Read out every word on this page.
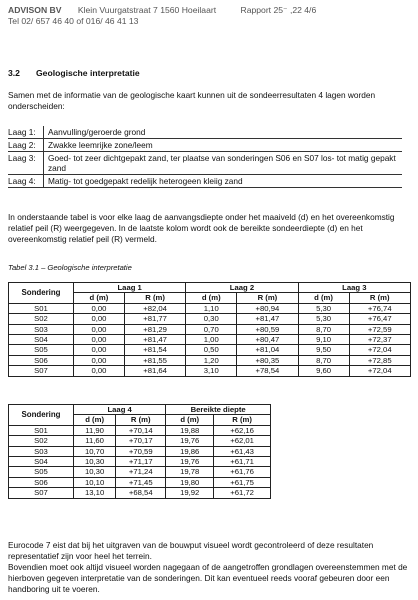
ADVISON BV Klein Vuurgatstraat 7 1560 Hoeilaart	Rapport 25⁻ ,22 4/6
Tel 02/ 657 46 40 of 016/ 46 41 13
3.2 Geologische interpretatie
Samen met de informatie van de geologische kaart kunnen uit de sondeerresultaten 4 lagen worden onderscheiden:
Laag 1:	Aanvulling/geroerde grond
Laag 2:	Zwakke leemrijke zone/leem
Laag 3:	Goed- tot zeer dichtgepakt zand, ter plaatse van sonderingen S06 en S07 los- tot matig gepakt zand
Laag 4:	Matig- tot goedgepakt redelijk heterogeen kleiig zand
In onderstaande tabel is voor elke laag de aanvangsdiepte onder het maaiveld (d) en het overeenkomstig relatief peil (R) weergegeven. In de laatste kolom wordt ook de bereikte sondeerdiepte (d) en het overeenkomstig relatief peil (R) vermeld.
Tabel 3.1 – Geologische interpretatie
Sondering	Laag 1		Laag 2		Laag 3	
	d (m)	R (m)	d (m)	R (m)	d (m)	R (m)
S01	0,00	+82,04	1,10	+80,94	5,30	+76,74
S02	0,00	+81,77	0,30	+81,47	5,30	+76,47
S03	0,00	+81,29	0,70	+80,59	8,70	+72,59
S04	0,00	+81,47	1,00	+80,47	9,10	+72,37
S05	0,00	+81,54	0,50	+81,04	9,50	+72,04
S06	0,00	+81,55	1,20	+80,35	8,70	+72,85
S07	0,00	+81,64	3,10	+78,54	9,60	+72,04
Sondering	Laag 4		Bereikte diepte	
	d (m)	R (m)	d (m)	R (m)
S01	11,90	+70,14	19,88	+62,16
S02	11,60	+70,17	19,76	+62,01
S03	10,70	+70,59	19,86	+61,43
S04	10,30	+71,17	19,76	+61,71
S05	10,30	+71,24	19,78	+61,76
S06	10,10	+71,45	19,80	+61,75
S07	13,10	+68,54	19,92	+61,72
Eurocode 7 eist dat bij het uitgraven van de bouwput visueel wordt gecontroleerd of deze resultaten representatief zijn voor heel het terrein.
Bovendien moet ook altijd visueel worden nagegaan of de aangetroffen grondlagen overeenstemmen met de hierboven gegeven interpretatie van de sonderingen. Dit kan eventueel reeds vooraf gebeuren door een handboring uit te voeren.
